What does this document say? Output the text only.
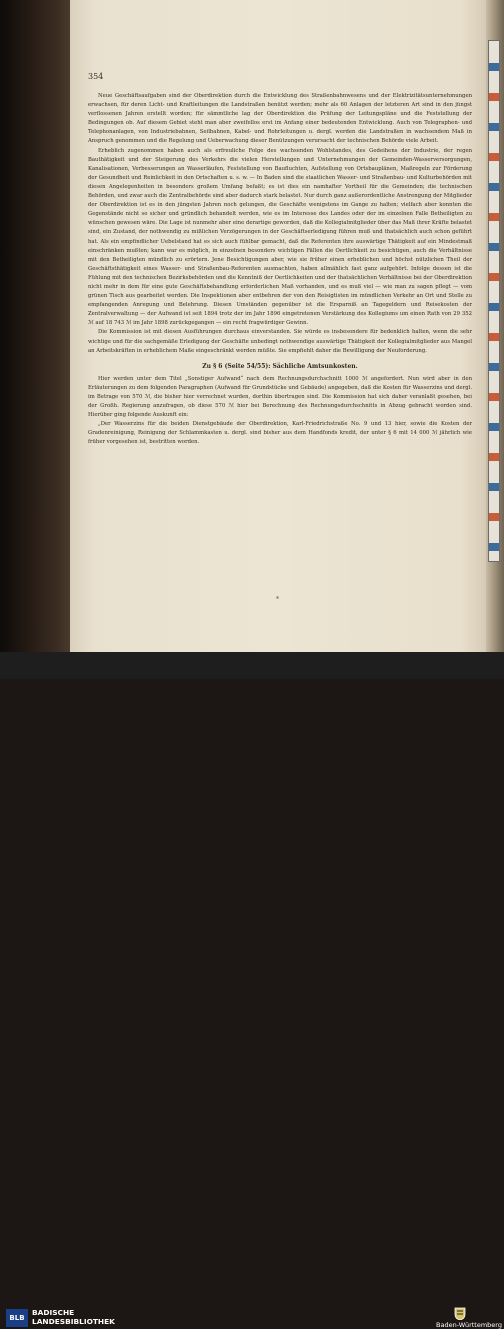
354

Neue Geschäftsaufgaben sind der Oberdirektion durch die Entwicklung des Straßenbahnwesens und der Elektrizitätsunternehmungen erwachsen, für deren Licht- und Kraftleitungen die Landstraßen benützt werden; mehr als 60 Anlagen der letzteren Art sind in den jüngst verflossenen Jahren erstellt worden; für sämmtliche lag der Oberdirektion die Prüfung der Leitungspläne und die Feststellung der Bedingungen ob. Auf diesem Gebiet steht man aber zweifellos erst im Anfang einer bedeutenden Entwicklung. Auch von Telegraphen- und Telephonanlagen, von Industriebahnen, Seilbahnen, Kabel- und Rohrleitungen u. dergl. werden die Landstraßen in wachsendem Maß in Anspruch genommen und die Regelung und Ueberwachung dieser Benützungen verursacht der technischen Behörde viele Arbeit.

Erheblich zugenommen haben auch als erfreuliche Folge des wachsenden Wohlstandes, des Gedeihens der Industrie, der regen Bauthätigkeit und der Steigerung des Verkehrs die vielen Herstellungen und Unternehmungen der Gemeinden-Wasserversorgungen, Kanalisationen, Verbesserungen an Wasserläufen, Feststellung von Baufluchten, Aufstellung von Ortsbauplänen, Maßregeln zur Förderung der Gesundheit und Reinlichkeit in den Ortschaften u. s. w. — In Baden sind die staatlichen Wasser- und Straßenbau- und Kulturbehörden mit diesen Angelegenheiten in besonders großem Umfang befaßt; es ist dies ein namhafter Vortheil für die Gemeinden; die technischen Behörden, und zwar auch die Zentralbehörde sind aber dadurch stark belastet. Nur durch ganz außerordentliche Anstrengung der Mitglieder der Oberdirektion ist es in den jüngsten Jahren noch gelungen, die Geschäfte wenigstens im Gange zu halten; vielfach aber konnten die Gegenstände nicht so sicher und gründlich behandelt werden, wie es im Interesse des Landes oder der im einzelnen Falle Betheiligten zu wünschen gewesen wäre. Die Lage ist nunmehr aber eine derartige geworden, daß die Kollegialmitglieder über das Maß ihrer Kräfte belastet sind, ein Zustand, der nothwendig zu mißlichen Verzögerungen in der Geschäftserledigung führen muß und thatsächlich auch schon geführt hat. Als ein empfindlicher Uebelstand hat es sich auch fühlbar gemacht, daß die Referenten ihre auswärtige Thätigkeit auf ein Mindestmaß einschränken mußten; kann war es möglich, in einzelnen besonders wichtigen Fällen die Oertlichkeit zu besichtigen, auch die Verhältnisse mit den Betheiligten mündlich zu erörtern. Jene Besichtigungen aber, wie sie früher einen erheblichen und höchst nützlichen Theil der Geschäftsthätigkeit eines Wasser- und Straßenbau-Referenten ausmachten, haben allmählich fast ganz aufgehört. Infolge dessen ist die Fühlung mit den technischen Bezirksbehörden und die Kenntniß der Oertlichkeiten und der thatsächlichen Verhältnisse bei der Oberdirektion nicht mehr in dem für eine gute Geschäftsbehandlung erforderlichen Maß vorhanden, und es muß viel — wie man zu sagen pflegt — vom grünen Tisch aus gearbeitet werden. Die Inspektionen aber entbehren der von den Reisigtisten im mündlichen Verkehr an Ort und Stelle zu empfangenden Anregung und Belehrung. Diesen Umständen gegenüber ist die Ersparniß an Tagegeldern und Reisekosten der Zentralverwaltung — der Aufwand ist seit 1894 trotz der im Jahr 1896 eingetretenen Verstärkung des Kollegiums um einen Rath von 29 352 ℳ auf 18 743 ℳ im Jahr 1898 zurückgegangen — ein recht fragwürdiger Gewinn.

Die Kommission ist mit diesen Ausführungen durchaus einverstanden. Sie würde es insbesondere für bedenklich halten, wenn die sehr wichtige und für die sachgemäße Erledigung der Geschäfte unbedingt nothwendige auswärtige Thätigkeit der Kollegialmitglieder aus Mangel an Arbeitskräften in erheblichem Maße eingeschränkt werden müßte. Sie empfiehlt daher die Bewilligung der Neuforderung.

Zu § 6 (Seite 54/55): Sächliche Amtsunkosten.

Hier werden unter dem Titel „Sonstiger Aufwand“ nach dem Rechnungsdurchschnitt 1000 ℳ angefordert. Nun wird aber in den Erläuterungen zu dem folgenden Paragraphen (Aufwand für Grundstücke und Gebäude) angegeben, daß die Kosten für Wasserzins und dergl. im Betrage von 570 ℳ, die bisher hier verrechnet wurden, dorthin übertragen sind. Die Kommission hat sich daher veranlaßt gesehen, bei der Großh. Regierung anzufragen, ob diese 570 ℳ hier bei Berechnung des Rechnungsdurchschnitts in Abzug gebracht worden sind. Hierüber ging folgende Auskunft ein:

„Der Wasserzins für die beiden Dienstgebäude der Oberdirektion, Karl-Friedrichstraße No. 9 und 13 hier, sowie die Kosten der Gradenreinigung, Reinigung der Schlammkasten u. dergl. sind bisher aus dem Handfonds kredit, der unter § 6 mit 14 000 ℳ jährlich wie früher vorgesehen ist, bestritten worden.

*
BLB
BADISCHE
LANDESBIBLIOTHEK	Baden-Württemberg
